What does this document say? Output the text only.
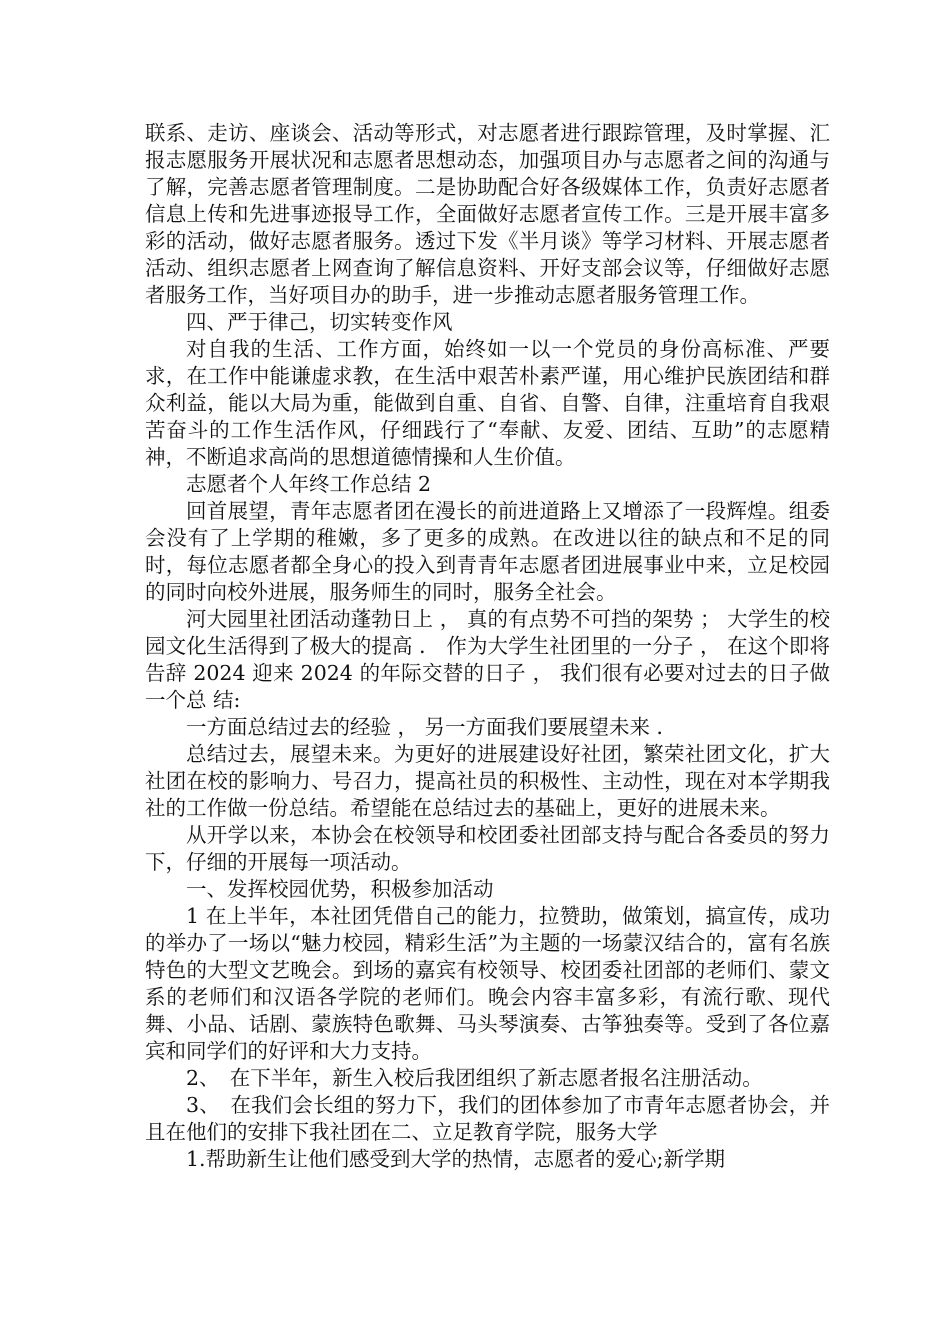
联系、走访、座谈会、活动等形式，对志愿者进行跟踪管理，及时掌握、汇报志愿服务开展状况和志愿者思想动态，加强项目办与志愿者之间的沟通与了解，完善志愿者管理制度。二是协助配合好各级媒体工作，负责好志愿者信息上传和先进事迹报导工作，全面做好志愿者宣传工作。三是开展丰富多彩的活动，做好志愿者服务。透过下发《半月谈》等学习材料、开展志愿者活动、组织志愿者上网查询了解信息资料、开好支部会议等，仔细做好志愿者服务工作，当好项目办的助手，进一步推动志愿者服务管理工作。

四、严于律己，切实转变作风

对自我的生活、工作方面，始终如一以一个党员的身份高标准、严要求，在工作中能谦虚求教，在生活中艰苦朴素严谨，用心维护民族团结和群众利益，能以大局为重，能做到自重、自省、自警、自律，注重培育自我艰苦奋斗的工作生活作风，仔细践行了“奉献、友爱、团结、互助”的志愿精神，不断追求高尚的思想道德情操和人生价值。

志愿者个人年终工作总结 2

回首展望，青年志愿者团在漫长的前进道路上又增添了一段辉煌。组委会没有了上学期的稚嫩，多了更多的成熟。在改进以往的缺点和不足的同时，每位志愿者都全身心的投入到青青年志愿者团进展事业中来，立足校园的同时向校外进展，服务师生的同时，服务全社会。

河大园里社团活动蓬勃日上 ， 真的有点势不可挡的架势 ； 大学生的校园文化生活得到了极大的提高 ． 作为大学生社团里的一分子 ， 在这个即将告辞 2024 迎来 2024 的年际交替的日子 ， 我们很有必要对过去的日子做一个总 结:

一方面总结过去的经验 ， 另一方面我们要展望未来 ．

总结过去，展望未来。为更好的进展建设好社团，繁荣社团文化，扩大社团在校的影响力、号召力，提高社员的积极性、主动性，现在对本学期我社的工作做一份总结。希望能在总结过去的基础上，更好的进展未来。

从开学以来，本协会在校领导和校团委社团部支持与配合各委员的努力下，仔细的开展每一项活动。

一、发挥校园优势，积极参加活动

1 在上半年，本社团凭借自己的能力，拉赞助，做策划，搞宣传，成功的举办了一场以“魅力校园，精彩生活”为主题的一场蒙汉结合的，富有名族特色的大型文艺晚会。到场的嘉宾有校领导、校团委社团部的老师们、蒙文系的老师们和汉语各学院的老师们。晚会内容丰富多彩，有流行歌、现代舞、小品、话剧、蒙族特色歌舞、马头琴演奏、古筝独奏等。受到了各位嘉宾和同学们的好评和大力支持。

2、　在下半年，新生入校后我团组织了新志愿者报名注册活动。

3、　在我们会长组的努力下，我们的团体参加了市青年志愿者协会，并且在他们的安排下我社团在二、立足教育学院，服务大学

1.帮助新生让他们感受到大学的热情，志愿者的爱心;新学期
